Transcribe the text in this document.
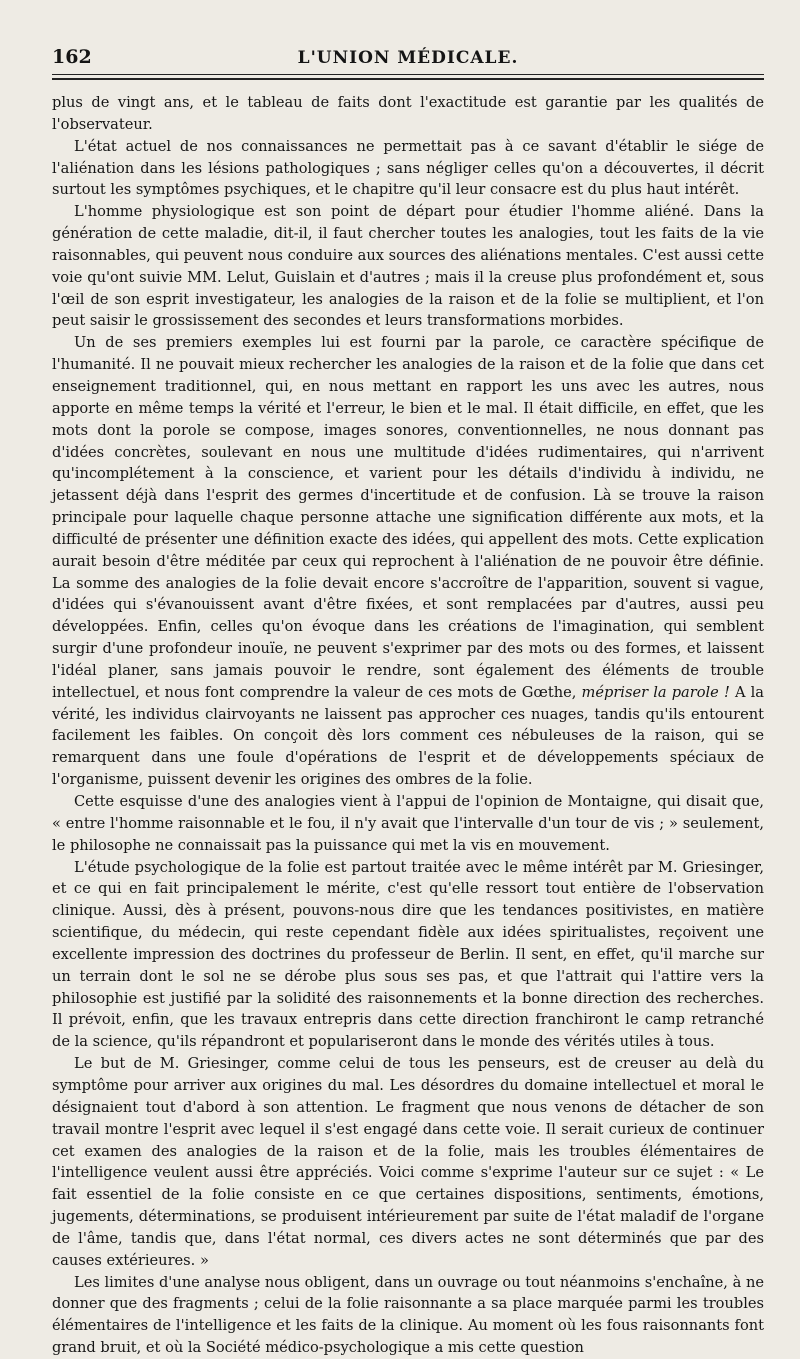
162	L'UNION MÉDICALE.

plus de vingt ans, et le tableau de faits dont l'exactitude est garantie par les qualités de l'observateur.

L'état actuel de nos connaissances ne permettait pas à ce savant d'établir le siége de l'aliénation dans les lésions pathologiques ; sans négliger celles qu'on a découvertes, il décrit surtout les symptômes psychiques, et le chapitre qu'il leur consacre est du plus haut intérêt.

L'homme physiologique est son point de départ pour étudier l'homme aliéné. Dans la génération de cette maladie, dit-il, il faut chercher toutes les analogies, tout les faits de la vie raisonnables, qui peuvent nous conduire aux sources des aliénations mentales. C'est aussi cette voie qu'ont suivie MM. Lelut, Guislain et d'autres ; mais il la creuse plus profondément et, sous l'œil de son esprit investigateur, les analogies de la raison et de la folie se multiplient, et l'on peut saisir le grossissement des secondes et leurs transformations morbides.

Un de ses premiers exemples lui est fourni par la parole, ce caractère spécifique de l'humanité. Il ne pouvait mieux rechercher les analogies de la raison et de la folie que dans cet enseignement traditionnel, qui, en nous mettant en rapport les uns avec les autres, nous apporte en même temps la vérité et l'erreur, le bien et le mal. Il était difficile, en effet, que les mots dont la porole se compose, images sonores, conventionnelles, ne nous donnant pas d'idées concrètes, soulevant en nous une multitude d'idées rudimentaires, qui n'arrivent qu'incomplétement à la conscience, et varient pour les détails d'individu à individu, ne jetassent déjà dans l'esprit des germes d'incertitude et de confusion. Là se trouve la raison principale pour laquelle chaque personne attache une signification différente aux mots, et la difficulté de présenter une définition exacte des idées, qui appellent des mots. Cette explication aurait besoin d'être méditée par ceux qui reprochent à l'aliénation de ne pouvoir être définie. La somme des analogies de la folie devait encore s'accroître de l'apparition, souvent si vague, d'idées qui s'évanouissent avant d'être fixées, et sont remplacées par d'autres, aussi peu développées. Enfin, celles qu'on évoque dans les créations de l'imagination, qui semblent surgir d'une profondeur inouïe, ne peuvent s'exprimer par des mots ou des formes, et laissent l'idéal planer, sans jamais pouvoir le rendre, sont également des éléments de trouble intellectuel, et nous font comprendre la valeur de ces mots de Gœthe, mépriser la parole ! A la vérité, les individus clairvoyants ne laissent pas approcher ces nuages, tandis qu'ils entourent facilement les faibles. On conçoit dès lors comment ces nébuleuses de la raison, qui se remarquent dans une foule d'opérations de l'esprit et de développements spéciaux de l'organisme, puissent devenir les origines des ombres de la folie.

Cette esquisse d'une des analogies vient à l'appui de l'opinion de Montaigne, qui disait que, « entre l'homme raisonnable et le fou, il n'y avait que l'intervalle d'un tour de vis ; » seulement, le philosophe ne connaissait pas la puissance qui met la vis en mouvement.

L'étude psychologique de la folie est partout traitée avec le même intérêt par M. Griesinger, et ce qui en fait principalement le mérite, c'est qu'elle ressort tout entière de l'observation clinique. Aussi, dès à présent, pouvons-nous dire que les tendances positivistes, en matière scientifique, du médecin, qui reste cependant fidèle aux idées spiritualistes, reçoivent une excellente impression des doctrines du professeur de Berlin. Il sent, en effet, qu'il marche sur un terrain dont le sol ne se dérobe plus sous ses pas, et que l'attrait qui l'attire vers la philosophie est justifié par la solidité des raisonnements et la bonne direction des recherches. Il prévoit, enfin, que les travaux entrepris dans cette direction franchiront le camp retranché de la science, qu'ils répandront et populariseront dans le monde des vérités utiles à tous.

Le but de M. Griesinger, comme celui de tous les penseurs, est de creuser au delà du symptôme pour arriver aux origines du mal. Les désordres du domaine intellectuel et moral le désignaient tout d'abord à son attention. Le fragment que nous venons de détacher de son travail montre l'esprit avec lequel il s'est engagé dans cette voie. Il serait curieux de continuer cet examen des analogies de la raison et de la folie, mais les troubles élémentaires de l'intelligence veulent aussi être appréciés. Voici comme s'exprime l'auteur sur ce sujet : « Le fait essentiel de la folie consiste en ce que certaines dispositions, sentiments, émotions, jugements, déterminations, se produisent intérieurement par suite de l'état maladif de l'organe de l'âme, tandis que, dans l'état normal, ces divers actes ne sont déterminés que par des causes extérieures. »

Les limites d'une analyse nous obligent, dans un ouvrage ou tout néanmoins s'enchaîne, à ne donner que des fragments ; celui de la folie raisonnante a sa place marquée parmi les troubles élémentaires de l'intelligence et les faits de la clinique. Au moment où les fous raisonnants font grand bruit, et où la Société médico-psychologique a mis cette question
